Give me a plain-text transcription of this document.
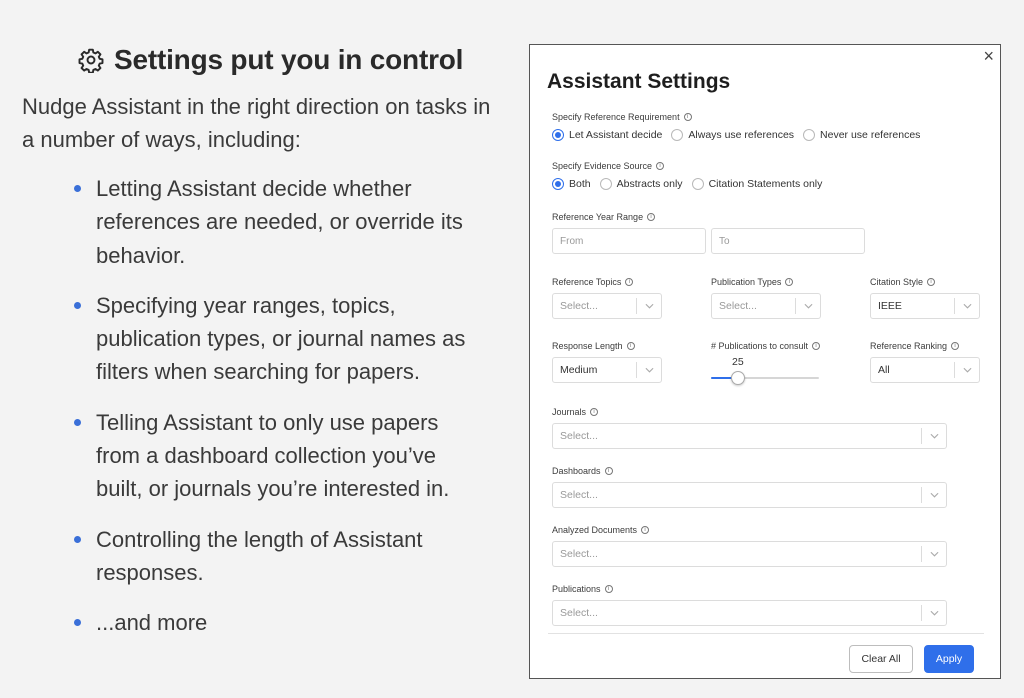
Settings put you in control

Nudge Assistant in the right direction on tasks in a number of ways, including:

Letting Assistant decide whether references are needed, or override its behavior.
Specifying year ranges, topics, publication types, or journal names as filters when searching for papers.
Telling Assistant to only use papers from a dashboard collection you’ve built, or journals you’re interested in.
Controlling the length of Assistant responses.
...and more
×
Assistant Settings
Specify Reference Requirement	i
Let Assistant decide Always use references Never use references
Specify Evidence Source	i
Both Abstracts only Citation Statements only
Reference Year Range	i
From	To
Reference Topics	i
Select...
Publication Types	i
Select...
Citation Style	i
IEEE
Response Length	i
Medium
# Publications to consult	i
25
Reference Ranking	i
All
Journals	i
Select...
Dashboards	i
Select...
Analyzed Documents	i
Select...
Publications	i
Select...
Clear All	Apply
